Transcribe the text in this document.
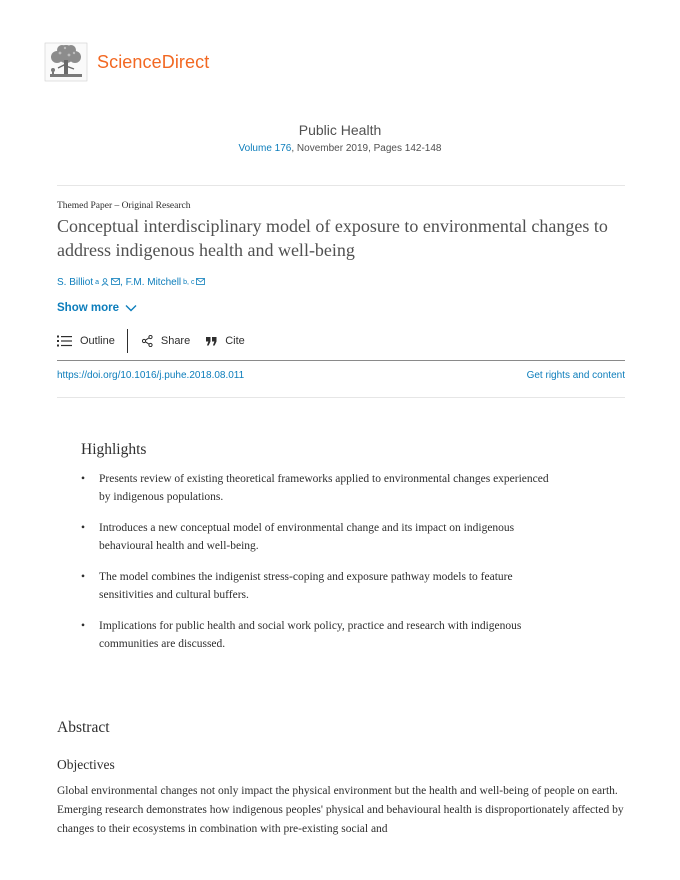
ScienceDirect
Public Health
Volume 176, November 2019, Pages 142-148
Themed Paper – Original Research
Conceptual interdisciplinary model of exposure to environmental changes to address indigenous health and well-being
S. Billiot a , F.M. Mitchell b, c
Show more
Outline	Share	Cite
https://doi.org/10.1016/j.puhe.2018.08.011	Get rights and content
Highlights
• Presents review of existing theoretical frameworks applied to environmental changes experienced by indigenous populations.
• Introduces a new conceptual model of environmental change and its impact on indigenous behavioural health and well-being.
• The model combines the indigenist stress-coping and exposure pathway models to feature sensitivities and cultural buffers.
• Implications for public health and social work policy, practice and research with indigenous communities are discussed.
Abstract
Objectives

Global environmental changes not only impact the physical environment but the health and well-being of people on earth. Emerging research demonstrates how indigenous peoples' physical and behavioural health is disproportionately affected by changes to their ecosystems in combination with pre-existing social and
